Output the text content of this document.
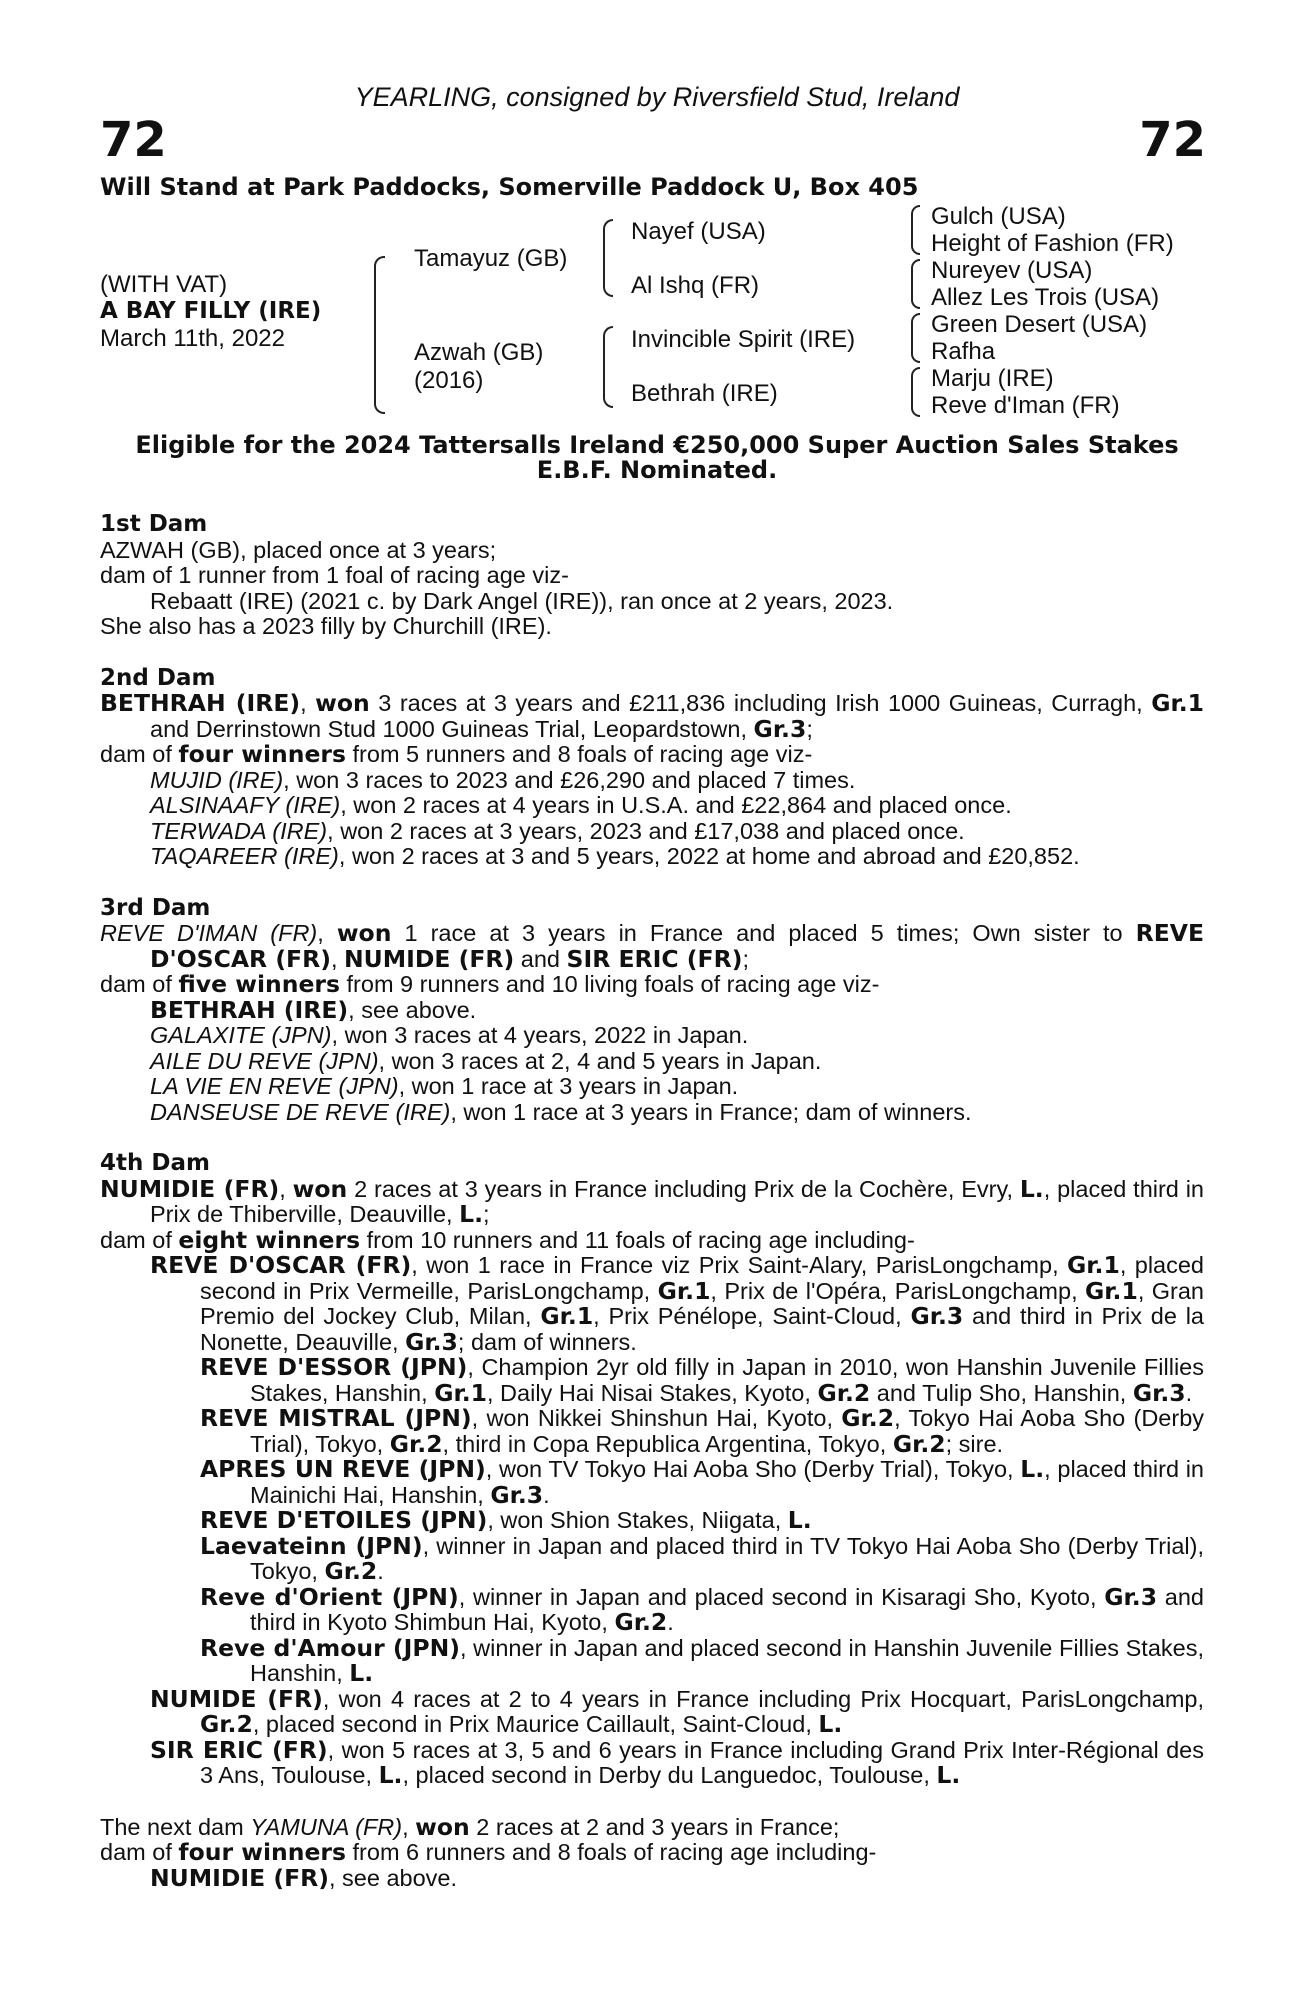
72	72
YEARLING, consigned by Riversfield Stud, Ireland
Will Stand at Park Paddocks, Somerville Paddock U, Box 405
(WITH VAT)
A BAY FILLY (IRE)
March 11th, 2022
Tamayuz (GB)
Azwah (GB)
(2016)
Nayef (USA)
Al Ishq (FR)
Invincible Spirit (IRE)
Bethrah (IRE)
Gulch (USA)
Height of Fashion (FR)
Nureyev (USA)
Allez Les Trois (USA)
Green Desert (USA)
Rafha
Marju (IRE)
Reve d'Iman (FR)
Eligible for the 2024 Tattersalls Ireland €250,000 Super Auction Sales Stakes
E.B.F. Nominated.
1st Dam
AZWAH (GB), placed once at 3 years;
dam of 1 runner from 1 foal of racing age viz-
Rebaatt (IRE) (2021 c. by Dark Angel (IRE)), ran once at 2 years, 2023.
She also has a 2023 filly by Churchill (IRE).
2nd Dam
BETHRAH (IRE), won 3 races at 3 years and £211,836 including Irish 1000 Guineas, Curragh, Gr.1 and Derrinstown Stud 1000 Guineas Trial, Leopardstown, Gr.3;
dam of four winners from 5 runners and 8 foals of racing age viz-
MUJID (IRE), won 3 races to 2023 and £26,290 and placed 7 times.
ALSINAAFY (IRE), won 2 races at 4 years in U.S.A. and £22,864 and placed once.
TERWADA (IRE), won 2 races at 3 years, 2023 and £17,038 and placed once.
TAQAREER (IRE), won 2 races at 3 and 5 years, 2022 at home and abroad and £20,852.
3rd Dam
REVE D'IMAN (FR), won 1 race at 3 years in France and placed 5 times; Own sister to REVE D'OSCAR (FR), NUMIDE (FR) and SIR ERIC (FR);
dam of five winners from 9 runners and 10 living foals of racing age viz-
BETHRAH (IRE), see above.
GALAXITE (JPN), won 3 races at 4 years, 2022 in Japan.
AILE DU REVE (JPN), won 3 races at 2, 4 and 5 years in Japan.
LA VIE EN REVE (JPN), won 1 race at 3 years in Japan.
DANSEUSE DE REVE (IRE), won 1 race at 3 years in France; dam of winners.
4th Dam
NUMIDIE (FR), won 2 races at 3 years in France including Prix de la Cochère, Evry, L., placed third in Prix de Thiberville, Deauville, L.;
dam of eight winners from 10 runners and 11 foals of racing age including-
REVE D'OSCAR (FR), won 1 race in France viz Prix Saint-Alary, ParisLongchamp, Gr.1, placed second in Prix Vermeille, ParisLongchamp, Gr.1, Prix de l'Opéra, ParisLongchamp, Gr.1, Gran Premio del Jockey Club, Milan, Gr.1, Prix Pénélope, Saint-Cloud, Gr.3 and third in Prix de la Nonette, Deauville, Gr.3; dam of winners.
REVE D'ESSOR (JPN), Champion 2yr old filly in Japan in 2010, won Hanshin Juvenile Fillies Stakes, Hanshin, Gr.1, Daily Hai Nisai Stakes, Kyoto, Gr.2 and Tulip Sho, Hanshin, Gr.3.
REVE MISTRAL (JPN), won Nikkei Shinshun Hai, Kyoto, Gr.2, Tokyo Hai Aoba Sho (Derby Trial), Tokyo, Gr.2, third in Copa Republica Argentina, Tokyo, Gr.2; sire.
APRES UN REVE (JPN), won TV Tokyo Hai Aoba Sho (Derby Trial), Tokyo, L., placed third in Mainichi Hai, Hanshin, Gr.3.
REVE D'ETOILES (JPN), won Shion Stakes, Niigata, L.
Laevateinn (JPN), winner in Japan and placed third in TV Tokyo Hai Aoba Sho (Derby Trial), Tokyo, Gr.2.
Reve d'Orient (JPN), winner in Japan and placed second in Kisaragi Sho, Kyoto, Gr.3 and third in Kyoto Shimbun Hai, Kyoto, Gr.2.
Reve d'Amour (JPN), winner in Japan and placed second in Hanshin Juvenile Fillies Stakes, Hanshin, L.
NUMIDE (FR), won 4 races at 2 to 4 years in France including Prix Hocquart, ParisLongchamp, Gr.2, placed second in Prix Maurice Caillault, Saint-Cloud, L.
SIR ERIC (FR), won 5 races at 3, 5 and 6 years in France including Grand Prix Inter-Régional des 3 Ans, Toulouse, L., placed second in Derby du Languedoc, Toulouse, L.
The next dam YAMUNA (FR), won 2 races at 2 and 3 years in France;
dam of four winners from 6 runners and 8 foals of racing age including-
NUMIDIE (FR), see above.
